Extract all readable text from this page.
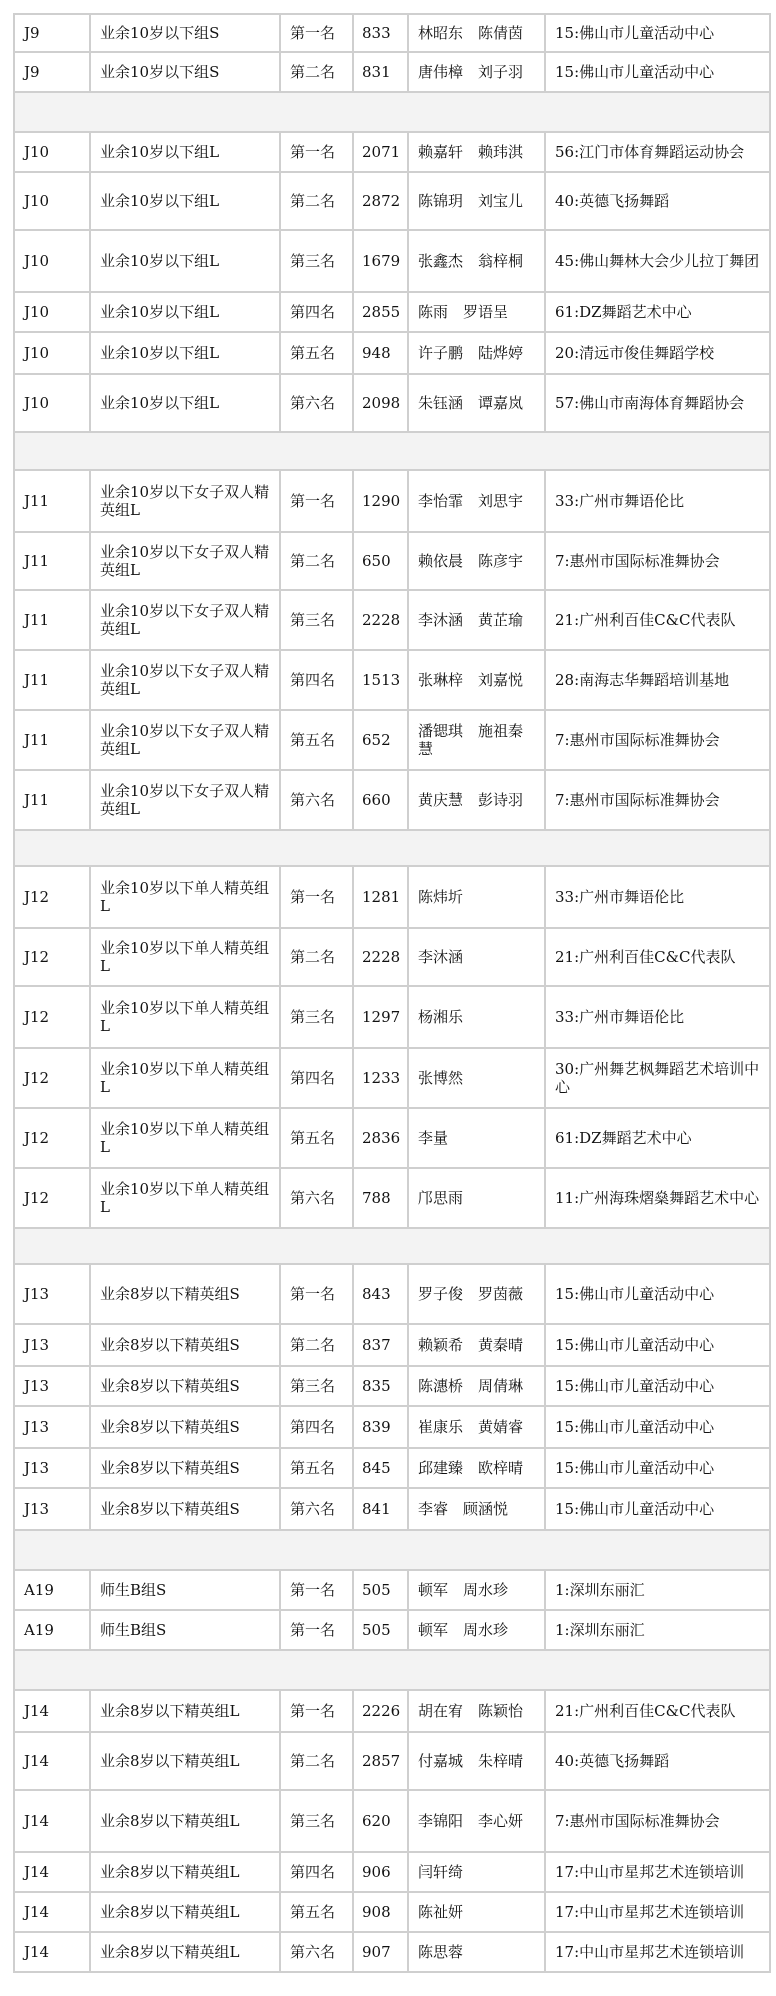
J9	业余10岁以下组S	第一名	833	林昭东　陈倩茵	15:佛山市儿童活动中心
J9	业余10岁以下组S	第二名	831	唐伟樟　刘子羽	15:佛山市儿童活动中心

J10	业余10岁以下组L	第一名	2071	赖嘉轩　赖玮淇	56:江门市体育舞蹈运动协会
J10	业余10岁以下组L	第二名	2872	陈锦玥　刘宝儿	40:英德飞扬舞蹈
J10	业余10岁以下组L	第三名	1679	张鑫杰　翁梓桐	45:佛山舞林大会少儿拉丁舞团
J10	业余10岁以下组L	第四名	2855	陈雨　罗语呈	61:DZ舞蹈艺术中心
J10	业余10岁以下组L	第五名	948	许子鹏　陆烨婷	20:清远市俊佳舞蹈学校
J10	业余10岁以下组L	第六名	2098	朱钰涵　谭嘉岚	57:佛山市南海体育舞蹈协会

J11	业余10岁以下女子双人精英组L	第一名	1290	李怡霏　刘思宇	33:广州市舞语伦比
J11	业余10岁以下女子双人精英组L	第二名	650	赖依晨　陈彦宇	7:惠州市国际标准舞协会
J11	业余10岁以下女子双人精英组L	第三名	2228	李沐涵　黄芷瑜	21:广州利百佳C&C代表队
J11	业余10岁以下女子双人精英组L	第四名	1513	张琳梓　刘嘉悦	28:南海志华舞蹈培训基地
J11	业余10岁以下女子双人精英组L	第五名	652	潘锶琪　施祖秦慧	7:惠州市国际标准舞协会
J11	业余10岁以下女子双人精英组L	第六名	660	黄庆慧　彭诗羽	7:惠州市国际标准舞协会

J12	业余10岁以下单人精英组L	第一名	1281	陈炜圻	33:广州市舞语伦比
J12	业余10岁以下单人精英组L	第二名	2228	李沐涵	21:广州利百佳C&C代表队
J12	业余10岁以下单人精英组L	第三名	1297	杨湘乐	33:广州市舞语伦比
J12	业余10岁以下单人精英组L	第四名	1233	张博然	30:广州舞艺枫舞蹈艺术培训中心
J12	业余10岁以下单人精英组L	第五名	2836	李量	61:DZ舞蹈艺术中心
J12	业余10岁以下单人精英组L	第六名	788	邝思雨	11:广州海珠熠燊舞蹈艺术中心

J13	业余8岁以下精英组S	第一名	843	罗子俊　罗茵薇	15:佛山市儿童活动中心
J13	业余8岁以下精英组S	第二名	837	赖颖希　黄秦晴	15:佛山市儿童活动中心
J13	业余8岁以下精英组S	第三名	835	陈潓桥　周倩琳	15:佛山市儿童活动中心
J13	业余8岁以下精英组S	第四名	839	崔康乐　黄婧睿	15:佛山市儿童活动中心
J13	业余8岁以下精英组S	第五名	845	邱建臻　欧梓晴	15:佛山市儿童活动中心
J13	业余8岁以下精英组S	第六名	841	李睿　顾涵悦	15:佛山市儿童活动中心

A19	师生B组S	第一名	505	顿军　周水珍	1:深圳东丽汇
A19	师生B组S	第一名	505	顿军　周水珍	1:深圳东丽汇

J14	业余8岁以下精英组L	第一名	2226	胡在宥　陈颖怡	21:广州利百佳C&C代表队
J14	业余8岁以下精英组L	第二名	2857	付嘉城　朱梓晴	40:英德飞扬舞蹈
J14	业余8岁以下精英组L	第三名	620	李锦阳　李心妍	7:惠州市国际标准舞协会
J14	业余8岁以下精英组L	第四名	906	闫轩绮	17:中山市星邦艺术连锁培训
J14	业余8岁以下精英组L	第五名	908	陈祉妍	17:中山市星邦艺术连锁培训
J14	业余8岁以下精英组L	第六名	907	陈思蓉	17:中山市星邦艺术连锁培训
